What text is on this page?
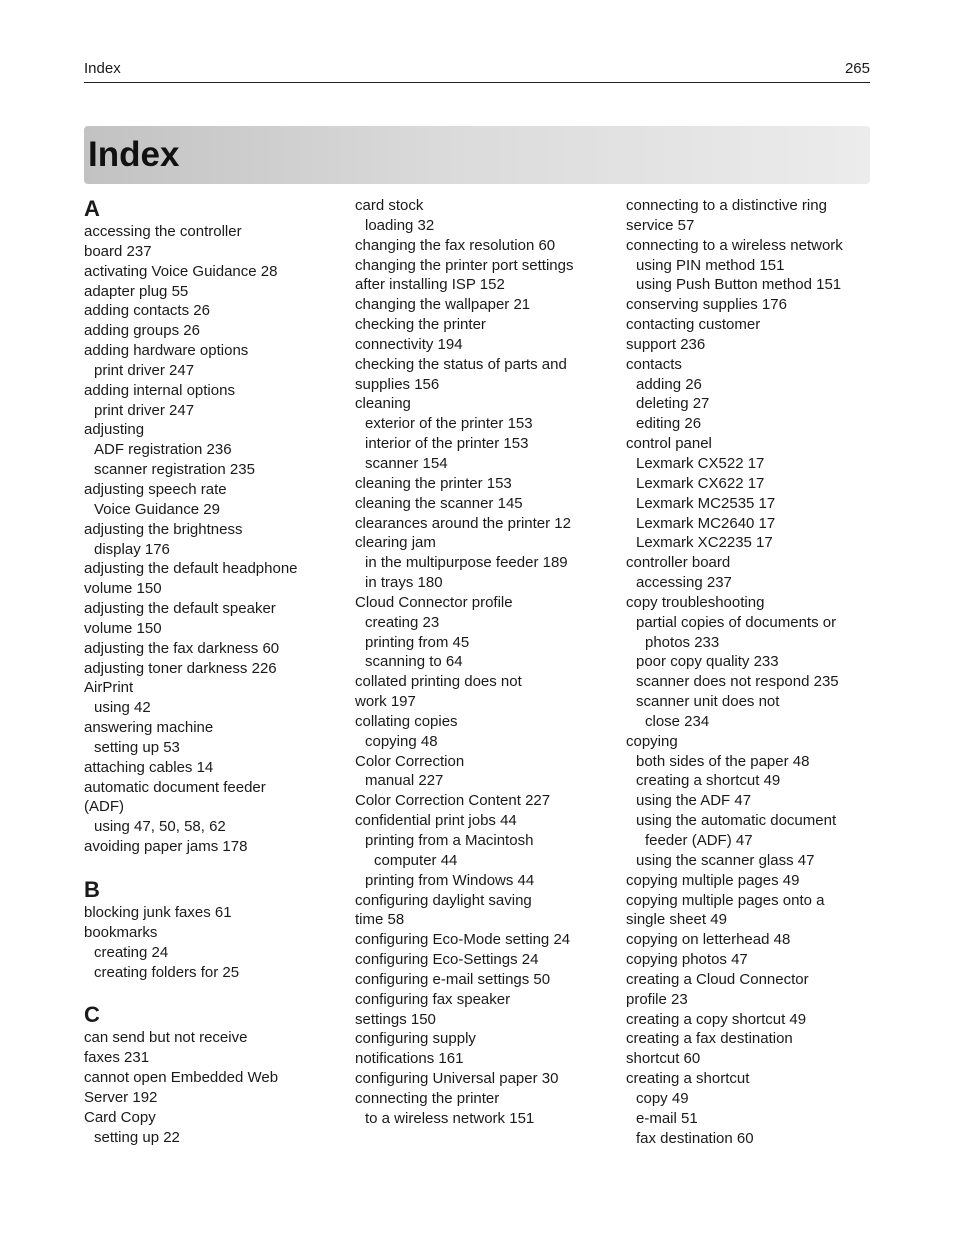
Index	265
Index
A
accessing the controller
board 237
activating Voice Guidance 28
adapter plug 55
adding contacts 26
adding groups 26
adding hardware options
print driver 247
adding internal options
print driver 247
adjusting
ADF registration 236
scanner registration 235
adjusting speech rate
Voice Guidance 29
adjusting the brightness
display 176
adjusting the default headphone
volume 150
adjusting the default speaker
volume 150
adjusting the fax darkness 60
adjusting toner darkness 226
AirPrint
using 42
answering machine
setting up 53
attaching cables 14
automatic document feeder
(ADF)
using 47, 50, 58, 62
avoiding paper jams 178
B
blocking junk faxes 61
bookmarks
creating 24
creating folders for 25
C
can send but not receive
faxes 231
cannot open Embedded Web
Server 192
Card Copy
setting up 22
card stock
loading 32
changing the fax resolution 60
changing the printer port settings
after installing ISP 152
changing the wallpaper 21
checking the printer
connectivity 194
checking the status of parts and
supplies 156
cleaning
exterior of the printer 153
interior of the printer 153
scanner 154
cleaning the printer 153
cleaning the scanner 145
clearances around the printer 12
clearing jam
in the multipurpose feeder 189
in trays 180
Cloud Connector profile
creating 23
printing from 45
scanning to 64
collated printing does not
work 197
collating copies
copying 48
Color Correction
manual 227
Color Correction Content 227
confidential print jobs 44
printing from a Macintosh
computer 44
printing from Windows 44
configuring daylight saving
time 58
configuring Eco‑Mode setting 24
configuring Eco‑Settings 24
configuring e‑mail settings 50
configuring fax speaker
settings 150
configuring supply
notifications 161
configuring Universal paper 30
connecting the printer
to a wireless network 151
connecting to a distinctive ring
service 57
connecting to a wireless network
using PIN method 151
using Push Button method 151
conserving supplies 176
contacting customer
support 236
contacts
adding 26
deleting 27
editing 26
control panel
Lexmark CX522 17
Lexmark CX622 17
Lexmark MC2535 17
Lexmark MC2640 17
Lexmark XC2235 17
controller board
accessing 237
copy troubleshooting
partial copies of documents or
photos 233
poor copy quality 233
scanner does not respond 235
scanner unit does not
close 234
copying
both sides of the paper 48
creating a shortcut 49
using the ADF 47
using the automatic document
feeder (ADF) 47
using the scanner glass 47
copying multiple pages 49
copying multiple pages onto a
single sheet 49
copying on letterhead 48
copying photos 47
creating a Cloud Connector
profile 23
creating a copy shortcut 49
creating a fax destination
shortcut 60
creating a shortcut
copy 49
e‑mail 51
fax destination 60
